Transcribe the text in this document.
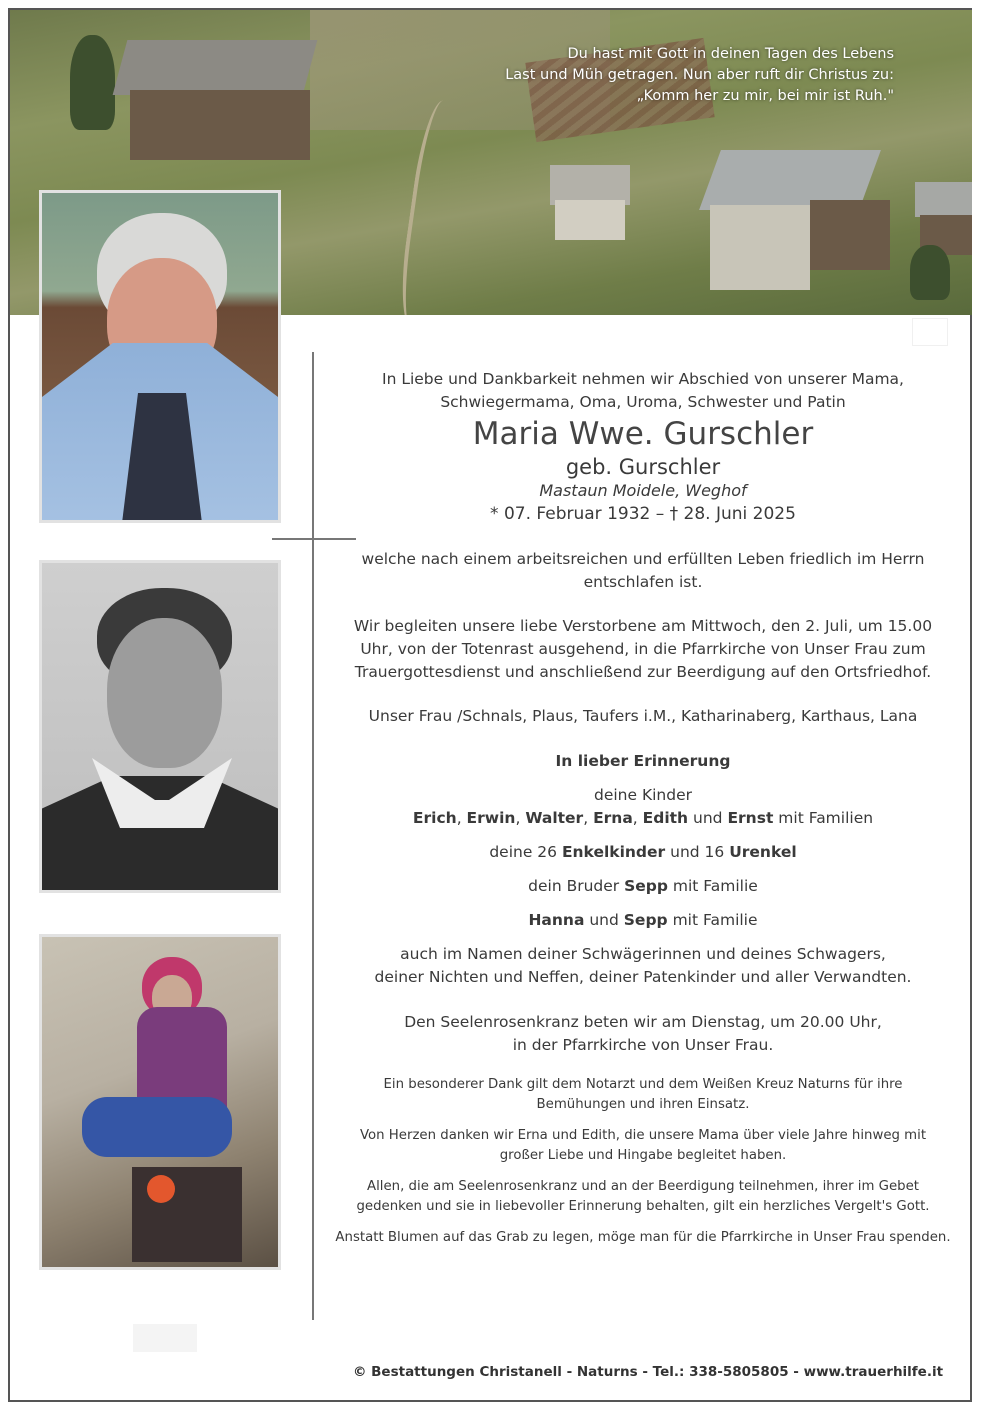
Du hast mit Gott in deinen Tagen des Lebens
Last und Müh getragen. Nun aber ruft dir Christus zu:
„Komm her zu mir, bei mir ist Ruh."

In Liebe und Dankbarkeit nehmen wir Abschied von unserer Mama,
Schwiegermama, Oma, Uroma, Schwester und Patin

Maria Wwe. Gurschler

geb. Gurschler

Mastaun Moidele, Weghof

* 07. Februar 1932 – † 28. Juni 2025

welche nach einem arbeitsreichen und erfüllten Leben friedlich im Herrn
entschlafen ist.

Wir begleiten unsere liebe Verstorbene am Mittwoch, den 2. Juli, um 15.00
Uhr, von der Totenrast ausgehend, in die Pfarrkirche von Unser Frau zum
Trauergottesdienst und anschließend zur Beerdigung auf den Ortsfriedhof.

Unser Frau /Schnals, Plaus, Taufers i.M., Katharinaberg, Karthaus, Lana

In lieber Erinnerung

deine Kinder
Erich, Erwin, Walter, Erna, Edith und Ernst mit Familien

deine 26 Enkelkinder und 16 Urenkel

dein Bruder Sepp mit Familie

Hanna und Sepp mit Familie

auch im Namen deiner Schwägerinnen und deines Schwagers,
deiner Nichten und Neffen, deiner Patenkinder und aller Verwandten.

Den Seelenrosenkranz beten wir am Dienstag, um 20.00 Uhr,
in der Pfarrkirche von Unser Frau.

Ein besonderer Dank gilt dem Notarzt und dem Weißen Kreuz Naturns für ihre
Bemühungen und ihren Einsatz.

Von Herzen danken wir Erna und Edith, die unsere Mama über viele Jahre hinweg mit
großer Liebe und Hingabe begleitet haben.

Allen, die am Seelenrosenkranz und an der Beerdigung teilnehmen, ihrer im Gebet
gedenken und sie in liebevoller Erinnerung behalten, gilt ein herzliches Vergelt's Gott.

Anstatt Blumen auf das Grab zu legen, möge man für die Pfarrkirche in Unser Frau spenden.

© Bestattungen Christanell - Naturns - Tel.: 338-5805805 - www.trauerhilfe.it
